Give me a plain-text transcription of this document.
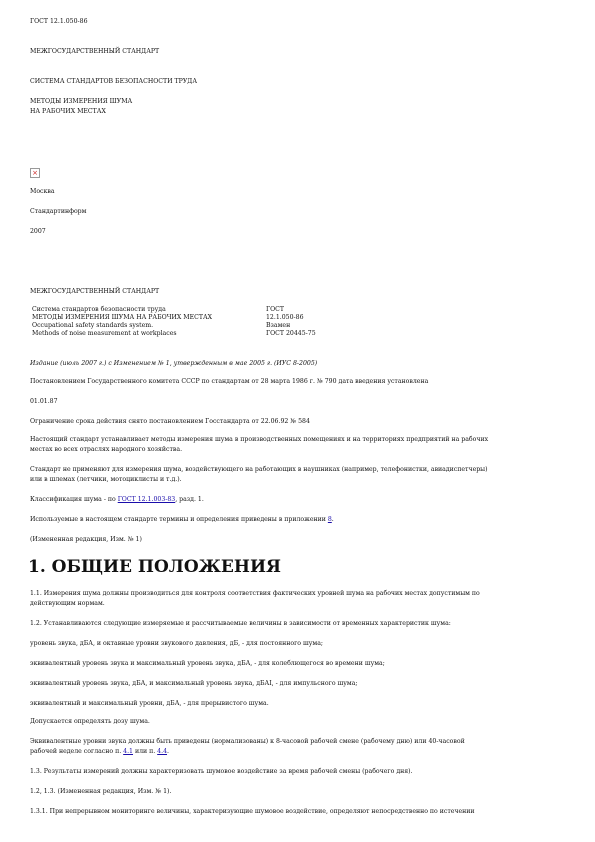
ГОСТ 12.1.050-86
МЕЖГОСУДАРСТВЕННЫЙ СТАНДАРТ
СИСТЕМА СТАНДАРТОВ БЕЗОПАСНОСТИ ТРУДА
МЕТОДЫ ИЗМЕРЕНИЯ ШУМА
НА РАБОЧИХ МЕСТАХ
×
Москва
Стандартинформ
2007
МЕЖГОСУДАРСТВЕННЫЙ СТАНДАРТ
Система стандартов безопасности труда	ГОСТ
МЕТОДЫ ИЗМЕРЕНИЯ ШУМА НА РАБОЧИХ МЕСТАХ	12.1.050-86
Occupational safety standards system.	Взамен
Methods of noise measurement at workplaces	ГОСТ 20445-75
Издание (июль 2007 г.) с Изменением № 1, утвержденным в мае 2005 г. (ИУС 8-2005)
Постановлением Государственного комитета СССР по стандартам от 28 марта 1986 г. № 790 дата введения установлена
01.01.87
Ограничение срока действия снято постановлением Госстандарта от 22.06.92 № 584
Настоящий стандарт устанавливает методы измерения шума в производственных помещениях и на территориях предприятий на рабочих
местах во всех отраслях народного хозяйства.
Стандарт не применяют для измерения шума, воздействующего на работающих в наушниках (например, телефонистки, авиадиспетчеры)
или в шлемах (летчики, мотоциклисты и т.д.).
Классификация шума - по ГОСТ 12.1.003-83, разд. 1.
Используемые в настоящем стандарте термины и определения приведены в приложении 8.
(Измененная редакция, Изм. № 1)
1. ОБЩИЕ ПОЛОЖЕНИЯ
1.1. Измерения шума должны производиться для контроля соответствия фактических уровней шума на рабочих местах допустимым по
действующим нормам.
1.2. Устанавливаются следующие измеряемые и рассчитываемые величины в зависимости от временных характеристик шума:
уровень звука, дБА, и октавные уровни звукового давления, дБ, - для постоянного шума;
эквивалентный уровень звука и максимальный уровень звука, дБА, - для колеблющегося во времени шума;
эквивалентный уровень звука, дБА, и максимальный уровень звука, дБАI, - для импульсного шума;
эквивалентный и максимальный уровни, дБА, - для прерывистого шума.
Допускается определять дозу шума.
Эквивалентные уровни звука должны быть приведены (нормализованы) к 8-часовой рабочей смене (рабочему дню) или 40-часовой
рабочей неделе согласно п. 4.1 или п. 4.4.
1.3. Результаты измерений должны характеризовать шумовое воздействие за время рабочей смены (рабочего дня).
1.2, 1.3. (Измененная редакция, Изм. № 1).
1.3.1. При непрерывном мониторинге величины, характеризующие шумовое воздействие, определяют непосредственно по истечении
